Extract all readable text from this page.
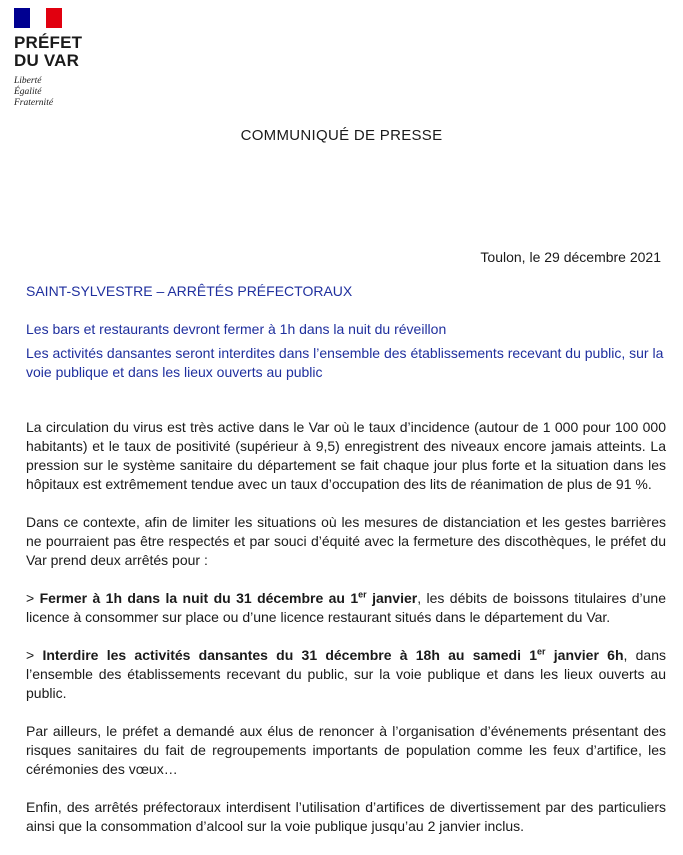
PRÉFET
DU VAR
Liberté
Égalité
Fraternité
COMMUNIQUÉ DE PRESSE
Toulon, le 29 décembre 2021
SAINT-SYLVESTRE – ARRÊTÉS PRÉFECTORAUX
Les bars et restaurants devront fermer à 1h dans la nuit du réveillon
Les activités dansantes seront interdites dans l’ensemble des établissements recevant du public, sur la voie publique et dans les lieux ouverts au public

La circulation du virus est très active dans le Var où le taux d’incidence (autour de 1 000 pour 100 000 habitants) et le taux de positivité (supérieur à 9,5) enregistrent des niveaux encore jamais atteints. La pression sur le système sanitaire du département se fait chaque jour plus forte et la situation dans les hôpitaux est extrêmement tendue avec un taux d’occupation des lits de réanimation de plus de 91 %.

Dans ce contexte, afin de limiter les situations où les mesures de distanciation et les gestes barrières ne pourraient pas être respectés et par souci d’équité avec la fermeture des discothèques, le préfet du Var prend deux arrêtés pour :

> Fermer à 1h dans la nuit du 31 décembre au 1er janvier, les débits de boissons titulaires d’une licence à consommer sur place ou d’une licence restaurant situés dans le département du Var.

> Interdire les activités dansantes du 31 décembre à 18h au samedi 1er janvier 6h, dans l’ensemble des établissements recevant du public, sur la voie publique et dans les lieux ouverts au public.

Par ailleurs, le préfet a demandé aux élus de renoncer à l’organisation d’événements présentant des risques sanitaires du fait de regroupements importants de population comme les feux d’artifice, les cérémonies des vœux…

Enfin, des arrêtés préfectoraux interdisent l’utilisation d’artifices de divertissement par des particuliers ainsi que la consommation d’alcool sur la voie publique jusqu’au 2 janvier inclus.
